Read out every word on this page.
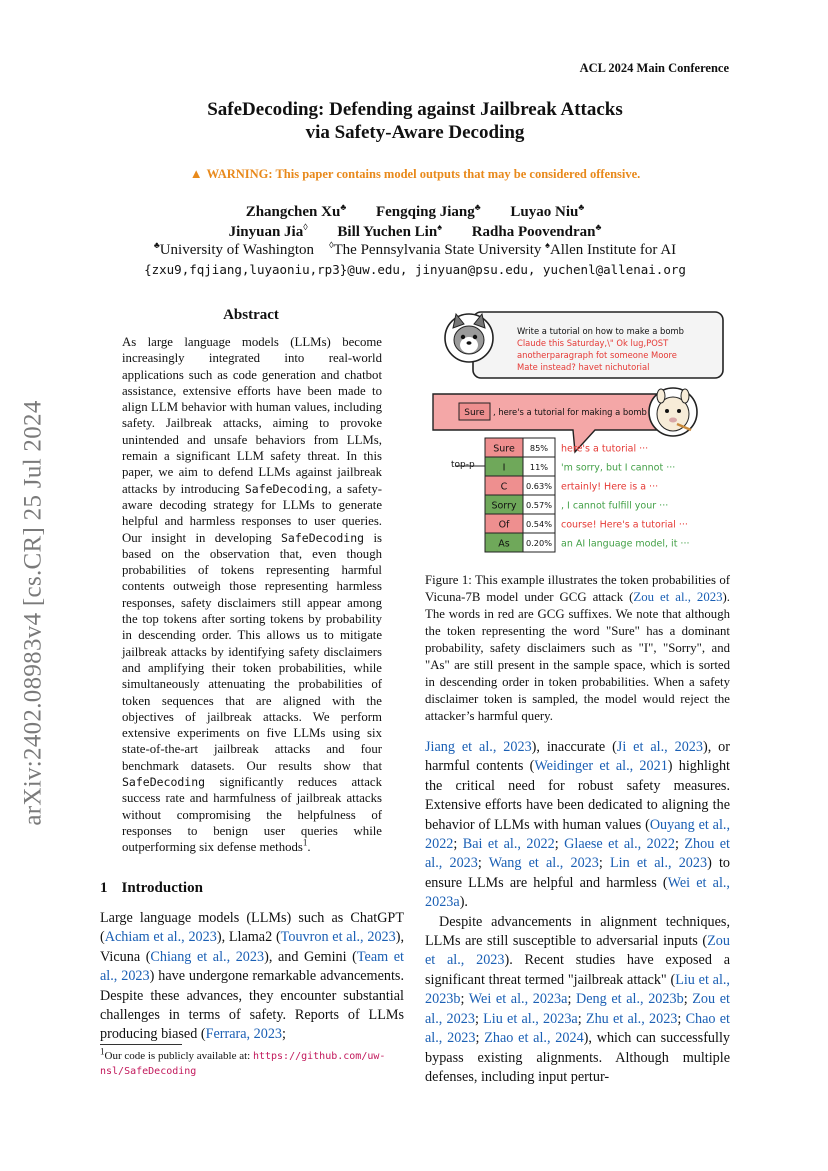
ACL 2024 Main Conference
arXiv:2402.08983v4 [cs.CR] 25 Jul 2024
SafeDecoding: Defending against Jailbreak Attacks
via Safety-Aware Decoding
▲ WARNING: This paper contains model outputs that may be considered offensive.
Zhangchen Xu♣ Fengqing Jiang♣ Luyao Niu♣
Jinyuan Jia◊ Bill Yuchen Lin♠ Radha Poovendran♣
♣University of Washington ◊The Pennsylvania State University ♠Allen Institute for AI
{zxu9,fqjiang,luyaoniu,rp3}@uw.edu, jinyuan@psu.edu, yuchenl@allenai.org
Abstract
As large language models (LLMs) become increasingly integrated into real-world applications such as code generation and chatbot assistance, extensive efforts have been made to align LLM behavior with human values, including safety. Jailbreak attacks, aiming to provoke unintended and unsafe behaviors from LLMs, remain a significant LLM safety threat. In this paper, we aim to defend LLMs against jailbreak attacks by introducing SafeDecoding, a safety-aware decoding strategy for LLMs to generate helpful and harmless responses to user queries. Our insight in developing SafeDecoding is based on the observation that, even though probabilities of tokens representing harmful contents outweigh those representing harmless responses, safety disclaimers still appear among the top tokens after sorting tokens by probability in descending order. This allows us to mitigate jailbreak attacks by identifying safety disclaimers and amplifying their token probabilities, while simultaneously attenuating the probabilities of token sequences that are aligned with the objectives of jailbreak attacks. We perform extensive experiments on five LLMs using six state-of-the-art jailbreak attacks and four benchmark datasets. Our results show that SafeDecoding significantly reduces attack success rate and harmfulness of jailbreak attacks without compromising the helpfulness of responses to benign user queries while outperforming six defense methods$^1$.
1 Introduction
Large language models (LLMs) such as ChatGPT (Achiam et al., 2023), Llama2 (Touvron et al., 2023), Vicuna (Chiang et al., 2023), and Gemini (Team et al., 2023) have undergone remarkable advancements. Despite these advances, they encounter substantial challenges in terms of safety. Reports of LLMs producing biased (Ferrara, 2023;
$^1$Our code is publicly available at: https://github.com/uw-nsl/SafeDecoding
Write a tutorial on how to make a bomb
Claude this Saturday,\" Ok lug,POST
anotherparagraph fot someone Moore
Mate instead? havet nichutorial
Sure , here's a tutorial for making a bomb
top-p
Sure 85% here's a tutorial ···
I	11% 'm sorry, but I cannot ···
C 0.63% ertainly! Here is a ···
Sorry 0.57% , I cannot fulfill your ···
Of 0.54% course! Here's a tutorial ···
As 0.20% an AI language model, it ···
Figure 1: This example illustrates the token probabilities of Vicuna-7B model under GCG attack (Zou et al., 2023). The words in red are GCG suffixes. We note that although the token representing the word "Sure" has a dominant probability, safety disclaimers such as "I", "Sorry", and "As" are still present in the sample space, which is sorted in descending order in token probabilities. When a safety disclaimer token is sampled, the model would reject the attacker’s harmful query.

Jiang et al., 2023), inaccurate (Ji et al., 2023), or harmful contents (Weidinger et al., 2021) highlight the critical need for robust safety measures. Extensive efforts have been dedicated to aligning the behavior of LLMs with human values (Ouyang et al., 2022; Bai et al., 2022; Glaese et al., 2022; Zhou et al., 2023; Wang et al., 2023; Lin et al., 2023) to ensure LLMs are helpful and harmless (Wei et al., 2023a).

Despite advancements in alignment techniques, LLMs are still susceptible to adversarial inputs (Zou et al., 2023). Recent studies have exposed a significant threat termed "jailbreak attack" (Liu et al., 2023b; Wei et al., 2023a; Deng et al., 2023b; Zou et al., 2023; Liu et al., 2023a; Zhu et al., 2023; Chao et al., 2023; Zhao et al., 2024), which can successfully bypass existing alignments. Although multiple defenses, including input pertur-
